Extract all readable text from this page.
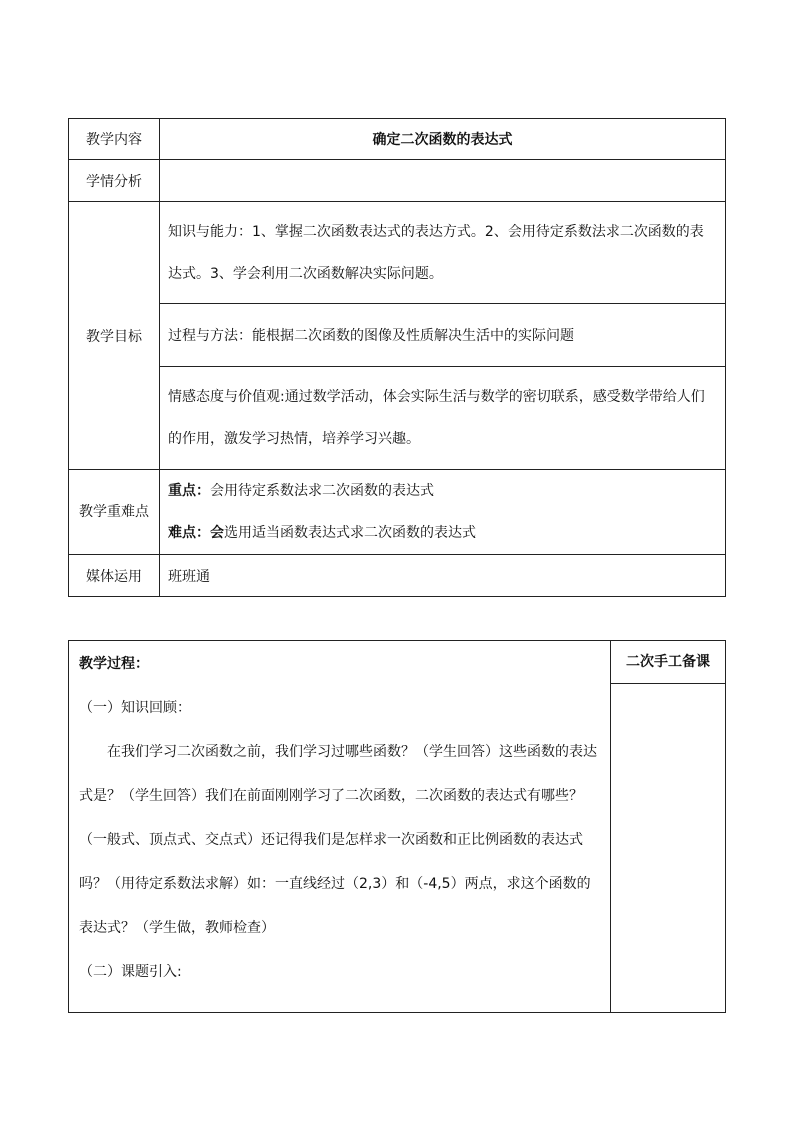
教学内容	确定二次函数的表达式
学情分析	
教学目标	知识与能力：1、掌握二次函数表达式的表达方式。2、会用待定系数法求二次函数的表达式。3、学会利用二次函数解决实际问题。
	过程与方法：能根据二次函数的图像及性质解决生活中的实际问题
	情感态度与价值观:通过数学活动，体会实际生活与数学的密切联系，感受数学带给人们的作用，激发学习热情，培养学习兴趣。
教学重难点	重点：会用待定系数法求二次函数的表达式
难点：会选用适当函数表达式求二次函数的表达式

媒体运用	班班通

教学过程：

（一）知识回顾：

在我们学习二次函数之前，我们学习过哪些函数？（学生回答）这些函数的表达式是？（学生回答）我们在前面刚刚学习了二次函数，二次函数的表达式有哪些？（一般式、顶点式、交点式）还记得我们是怎样求一次函数和正比例函数的表达式吗？（用待定系数法求解）如：一直线经过（2,3）和（-4,5）两点，求这个函数的表达式？（学生做，教师检查）

（二）课题引入:

二次手工备课
